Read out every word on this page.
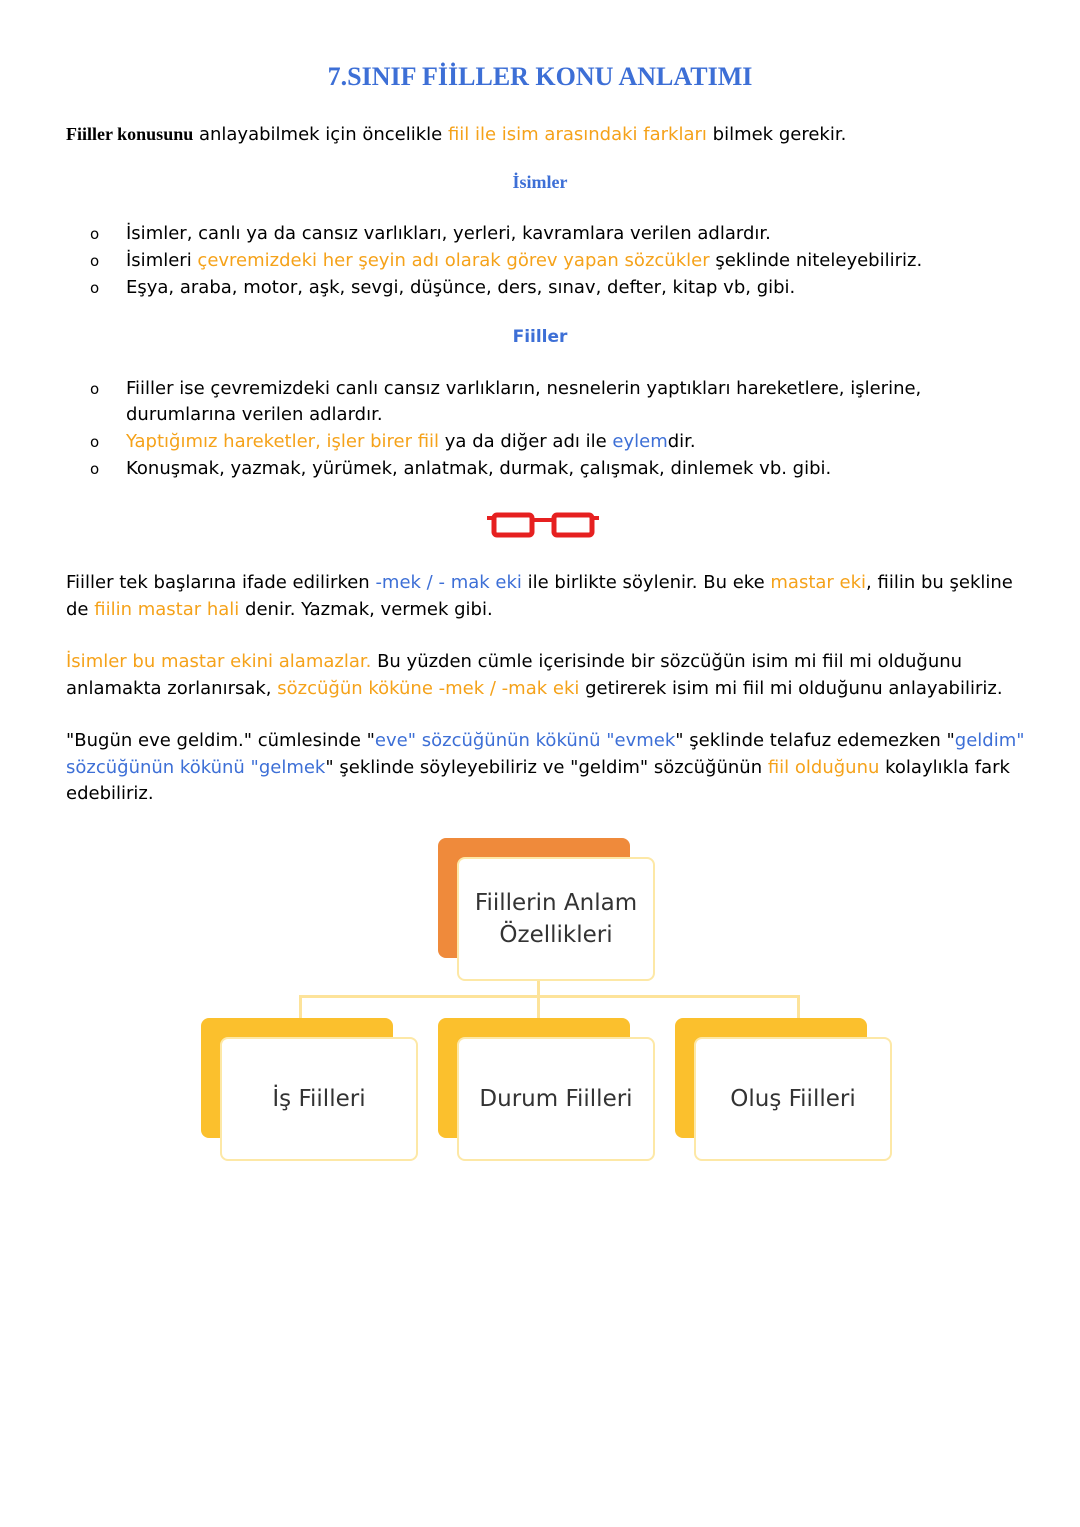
7.SINIF FİİLLER KONU ANLATIMI
Fiiller konusunu anlayabilmek için öncelikle fiil ile isim arasındaki farkları bilmek gerekir.
İsimler
o İsimler, canlı ya da cansız varlıkları, yerleri, kavramlara verilen adlardır.
o İsimleri çevremizdeki her şeyin adı olarak görev yapan sözcükler şeklinde niteleyebiliriz.
o Eşya, araba, motor, aşk, sevgi, düşünce, ders, sınav, defter, kitap vb, gibi.
Fiiller
o Fiiller ise çevremizdeki canlı cansız varlıkların, nesnelerin yaptıkları hareketlere, işlerine,
durumlarına verilen adlardır.
o Yaptığımız hareketler, işler birer fiil ya da diğer adı ile eylemdir.
o Konuşmak, yazmak, yürümek, anlatmak, durmak, çalışmak, dinlemek vb. gibi.
Fiiller tek başlarına ifade edilirken -mek / - mak eki ile birlikte söylenir. Bu eke mastar eki, fiilin bu şekline
de fiilin mastar hali denir. Yazmak, vermek gibi.
İsimler bu mastar ekini alamazlar. Bu yüzden cümle içerisinde bir sözcüğün isim mi fiil mi olduğunu
anlamakta zorlanırsak, sözcüğün köküne -mek / -mak eki getirerek isim mi fiil mi olduğunu anlayabiliriz.
"Bugün eve geldim." cümlesinde "eve" sözcüğünün kökünü "evmek" şeklinde telafuz edemezken "geldim"
sözcüğünün kökünü "gelmek" şeklinde söyleyebiliriz ve "geldim" sözcüğünün fiil olduğunu kolaylıkla fark
edebiliriz.
Fiillerin Anlam
Özellikleri
İş Fiilleri	Durum Fiilleri	Oluş Fiilleri
